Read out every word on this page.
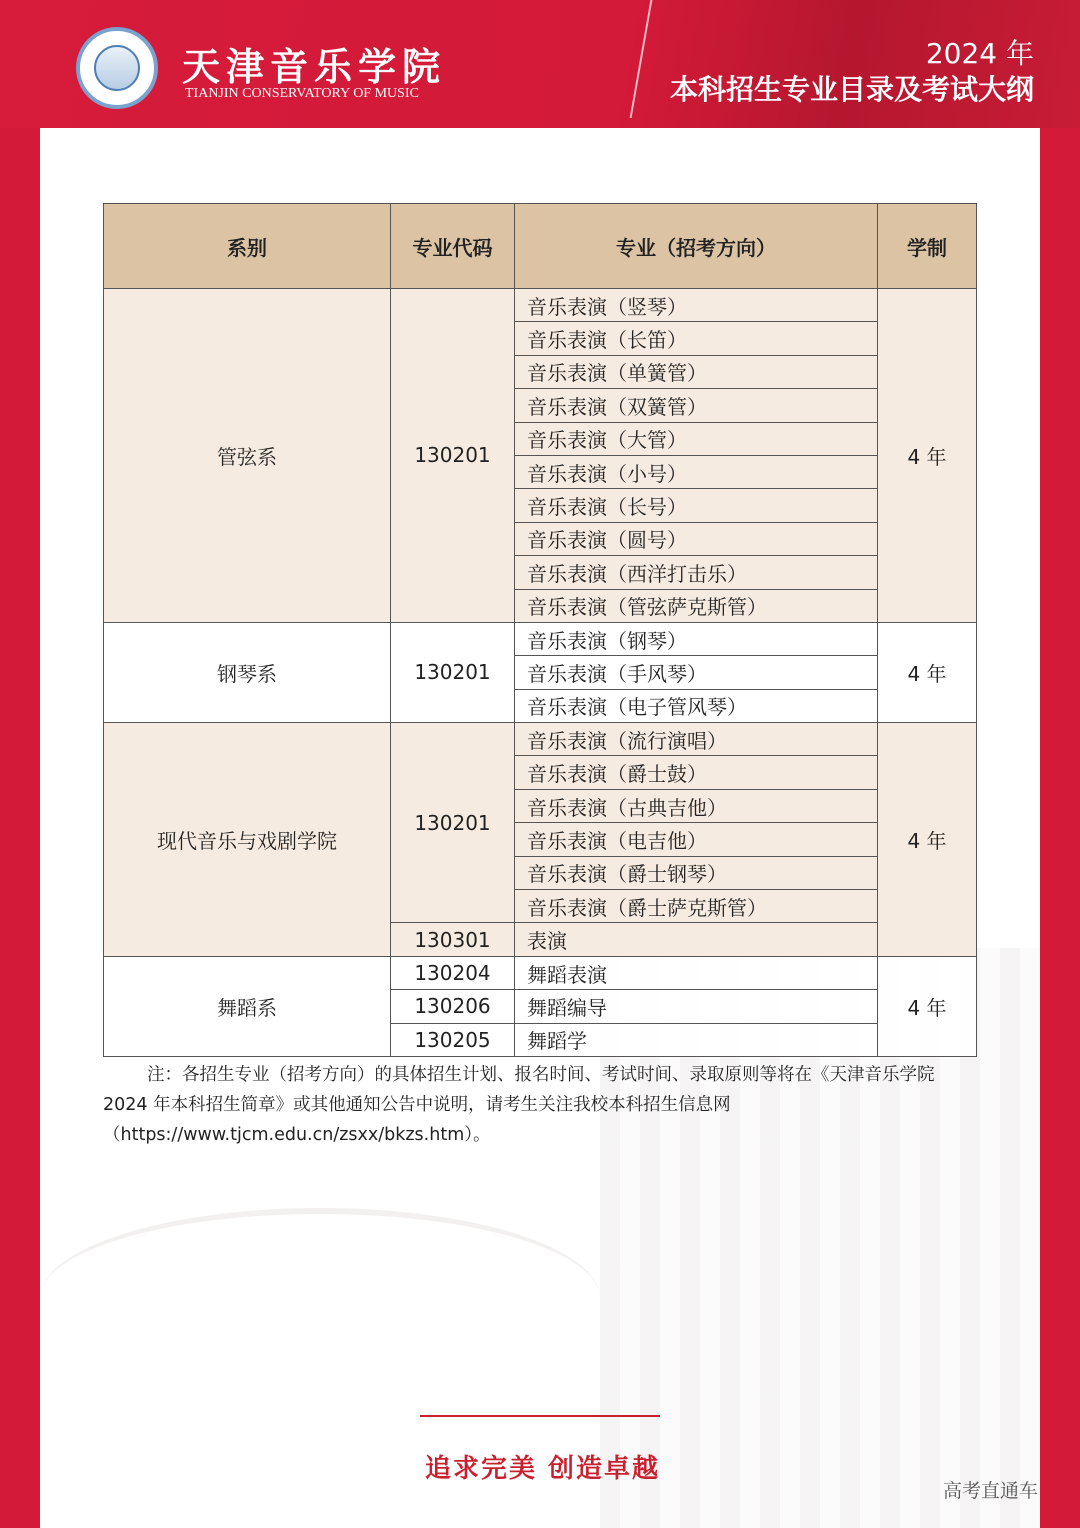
天津音乐学院
TIANJIN CONSERVATORY OF MUSIC
2024 年
本科招生专业目录及考试大纲
系别	专业代码	专业（招考方向）	学制
管弦系	130201	音乐表演（竖琴）	4 年
		音乐表演（长笛）	
		音乐表演（单簧管）	
		音乐表演（双簧管）	
		音乐表演（大管）	
		音乐表演（小号）	
		音乐表演（长号）	
		音乐表演（圆号）	
		音乐表演（西洋打击乐）	
		音乐表演（管弦萨克斯管）	
钢琴系	130201	音乐表演（钢琴）	4 年
		音乐表演（手风琴）	
		音乐表演（电子管风琴）	
现代音乐与戏剧学院	130201	音乐表演（流行演唱）	4 年
		音乐表演（爵士鼓）	
		音乐表演（古典吉他）	
		音乐表演（电吉他）	
		音乐表演（爵士钢琴）	
		音乐表演（爵士萨克斯管）	
	130301	表演	
舞蹈系	130204	舞蹈表演	4 年
	130206	舞蹈编导	
	130205	舞蹈学	
注：各招生专业（招考方向）的具体招生计划、报名时间、考试时间、录取原则等将在《天津音乐学院 2024 年本科招生简章》或其他通知公告中说明，请考生关注我校本科招生信息网（https://www.tjcm.edu.cn/zsxx/bkzs.htm）。
追求完美 创造卓越
高考直通车
